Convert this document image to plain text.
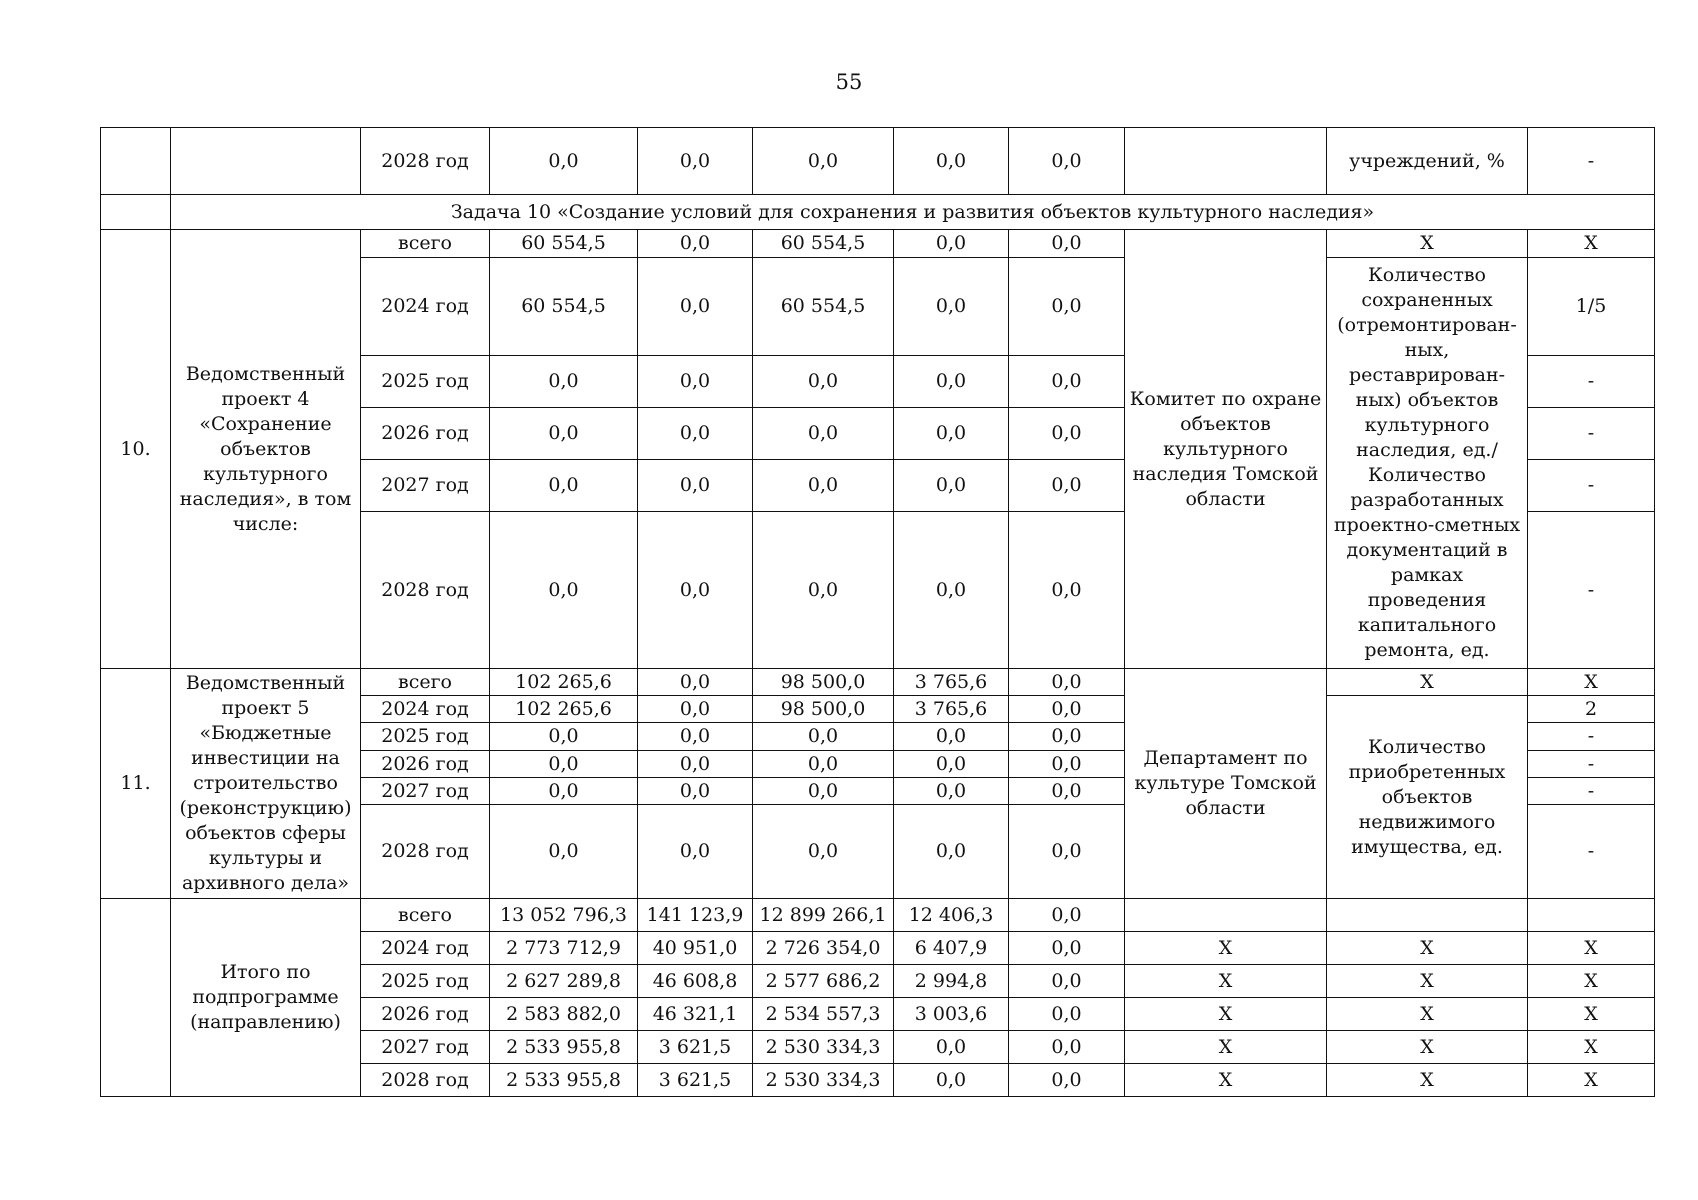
55
		2028 год	0,0	0,0	0,0	0,0	0,0		учреждений, %	-
	Задача 10 «Создание условий для сохранения и развития объектов культурного наследия»									
10.	Ведомственный проект 4 «Сохранение объектов культурного наследия», в том числе:	всего	60 554,5	0,0	60 554,5	0,0	0,0	Комитет по охране объектов культурного наследия Томской области	X	X
		2024 год	60 554,5	0,0	60 554,5	0,0	0,0		Количество сохраненных (отремонтирован-ных, реставрирован-ных) объектов культурного наследия, ед./ Количество разработанных проектно-сметных документаций в рамках проведения капитального ремонта, ед.	1/5
		2025 год	0,0	0,0	0,0	0,0	0,0			-
		2026 год	0,0	0,0	0,0	0,0	0,0			-
		2027 год	0,0	0,0	0,0	0,0	0,0			-
		2028 год	0,0	0,0	0,0	0,0	0,0			-
11.	Ведомственный проект 5 «Бюджетные инвестиции на строительство (реконструкцию) объектов сферы культуры и архивного дела»	всего	102 265,6	0,0	98 500,0	3 765,6	0,0	Департамент по культуре Томской области	X	X
		2024 год	102 265,6	0,0	98 500,0	3 765,6	0,0		Количество приобретенных объектов недвижимого имущества, ед.	2
		2025 год	0,0	0,0	0,0	0,0	0,0			-
		2026 год	0,0	0,0	0,0	0,0	0,0			-
		2027 год	0,0	0,0	0,0	0,0	0,0			-
		2028 год	0,0	0,0	0,0	0,0	0,0			-
	Итого по подпрограмме (направлению)	всего	13 052 796,3	141 123,9	12 899 266,1	12 406,3	0,0			
		2024 год	2 773 712,9	40 951,0	2 726 354,0	6 407,9	0,0	X	X	X
		2025 год	2 627 289,8	46 608,8	2 577 686,2	2 994,8	0,0	X	X	X
		2026 год	2 583 882,0	46 321,1	2 534 557,3	3 003,6	0,0	X	X	X
		2027 год	2 533 955,8	3 621,5	2 530 334,3	0,0	0,0	X	X	X
		2028 год	2 533 955,8	3 621,5	2 530 334,3	0,0	0,0	X	X	X
